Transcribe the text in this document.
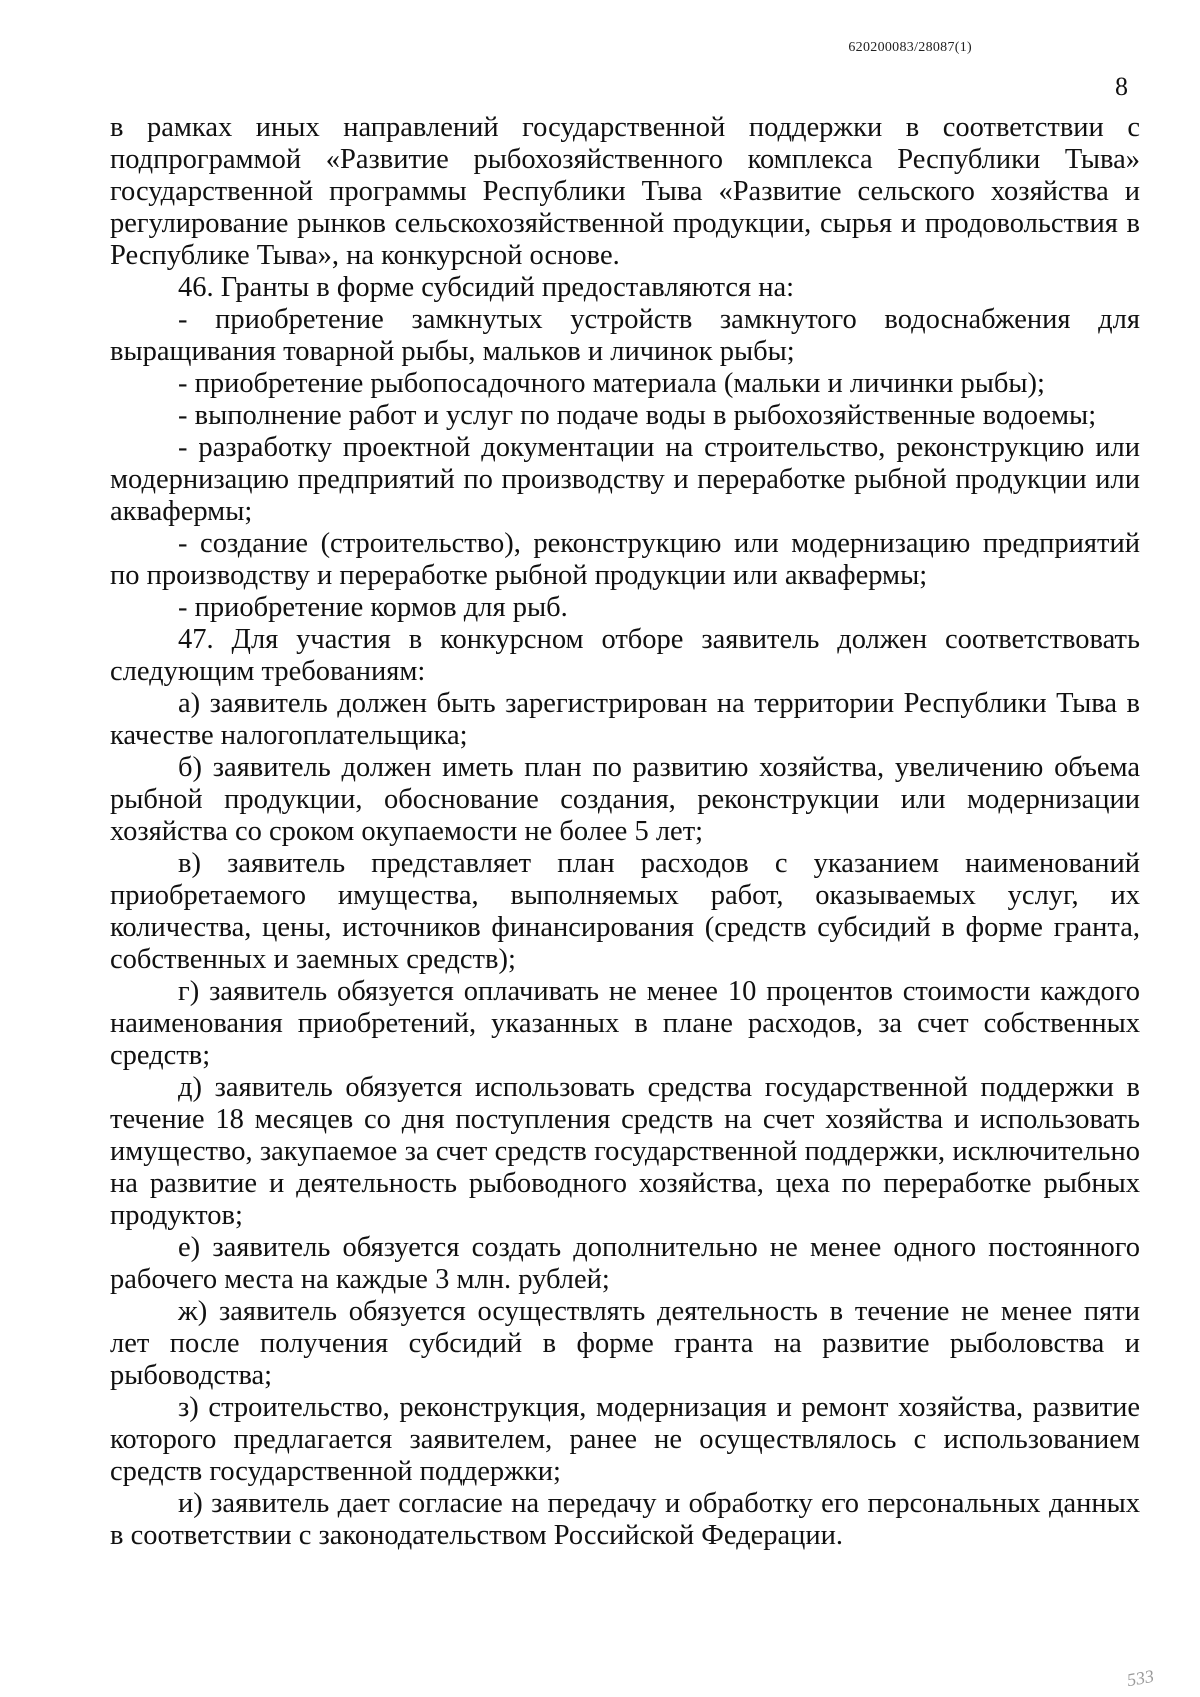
620200083/28087(1)
8

в рамках иных направлений государственной поддержки в соответствии с подпрограммой «Развитие рыбохозяйственного комплекса Республики Тыва» государственной программы Республики Тыва «Развитие сельского хозяйства и регулирование рынков сельскохозяйственной продукции, сырья и продовольствия в Республике Тыва», на конкурсной основе.

46. Гранты в форме субсидий предоставляются на:

- приобретение замкнутых устройств замкнутого водоснабжения для выращивания товарной рыбы, мальков и личинок рыбы;

- приобретение рыбопосадочного материала (мальки и личинки рыбы);

- выполнение работ и услуг по подаче воды в рыбохозяйственные водоемы;

- разработку проектной документации на строительство, реконструкцию или модернизацию предприятий по производству и переработке рыбной продукции или аквафермы;

- создание (строительство), реконструкцию или модернизацию предприятий по производству и переработке рыбной продукции или аквафермы;

- приобретение кормов для рыб.

47. Для участия в конкурсном отборе заявитель должен соответствовать следующим требованиям:

а) заявитель должен быть зарегистрирован на территории Республики Тыва в качестве налогоплательщика;

б) заявитель должен иметь план по развитию хозяйства, увеличению объема рыбной продукции, обоснование создания, реконструкции или модернизации хозяйства со сроком окупаемости не более 5 лет;

в) заявитель представляет план расходов с указанием наименований приобретаемого имущества, выполняемых работ, оказываемых услуг, их количества, цены, источников финансирования (средств субсидий в форме гранта, собственных и заемных средств);

г) заявитель обязуется оплачивать не менее 10 процентов стоимости каждого наименования приобретений, указанных в плане расходов, за счет собственных средств;

д) заявитель обязуется использовать средства государственной поддержки в течение 18 месяцев со дня поступления средств на счет хозяйства и использовать имущество, закупаемое за счет средств государственной поддержки, исключительно на развитие и деятельность рыбоводного хозяйства, цеха по переработке рыбных продуктов;

е) заявитель обязуется создать дополнительно не менее одного постоянного рабочего места на каждые 3 млн. рублей;

ж) заявитель обязуется осуществлять деятельность в течение не менее пяти лет после получения субсидий в форме гранта на развитие рыболовства и рыбоводства;

з) строительство, реконструкция, модернизация и ремонт хозяйства, развитие которого предлагается заявителем, ранее не осуществлялось с использованием средств государственной поддержки;

и) заявитель дает согласие на передачу и обработку его персональных данных в соответствии с законодательством Российской Федерации.

533
